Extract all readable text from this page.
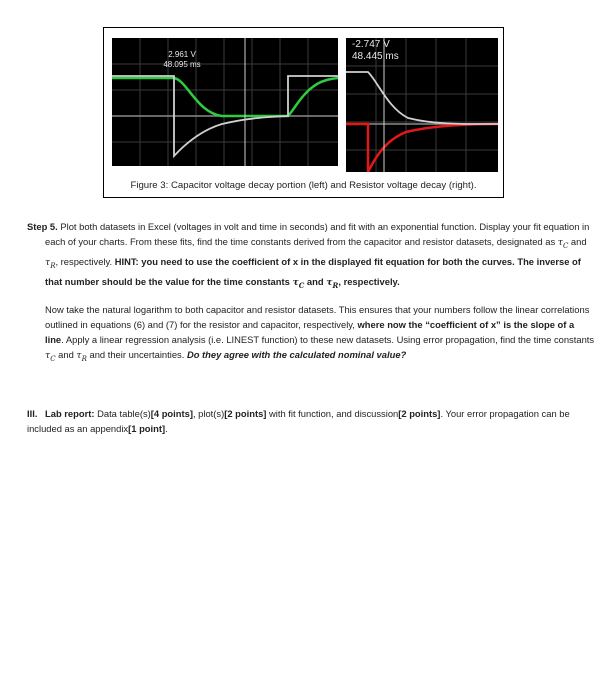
2.961 V
48.095 ms
-2.747 V
48.445 ms
Figure 3: Capacitor voltage decay portion (left) and Resistor voltage decay (right).

Step 5. Plot both datasets in Excel (voltages in volt and time in seconds) and fit with an exponential function. Display your fit equation in each of your charts. From these fits, find the time constants derived from the capacitor and resistor datasets, designated as $\tau_C$ and $\tau_R$, respectively. HINT: you need to use the coefficient of x in the displayed fit equation for both the curves. The inverse of that number should be the value for the time constants $\tau_C$ and $\tau_R$, respectively.

Now take the natural logarithm to both capacitor and resistor datasets. This ensures that your numbers follow the linear correlations outlined in equations (6) and (7) for the resistor and capacitor, respectively, where now the “coefficient of x” is the slope of a line. Apply a linear regression analysis (i.e. LINEST function) to these new datasets. Using error propagation, find the time constants $\tau_C$ and $\tau_R$ and their uncertainties. Do they agree with the calculated nominal value?
III. Lab report: Data table(s)[4 points], plot(s)[2 points] with fit function, and discussion[2 points]. Your error propagation can be included as an appendix[1 point].
